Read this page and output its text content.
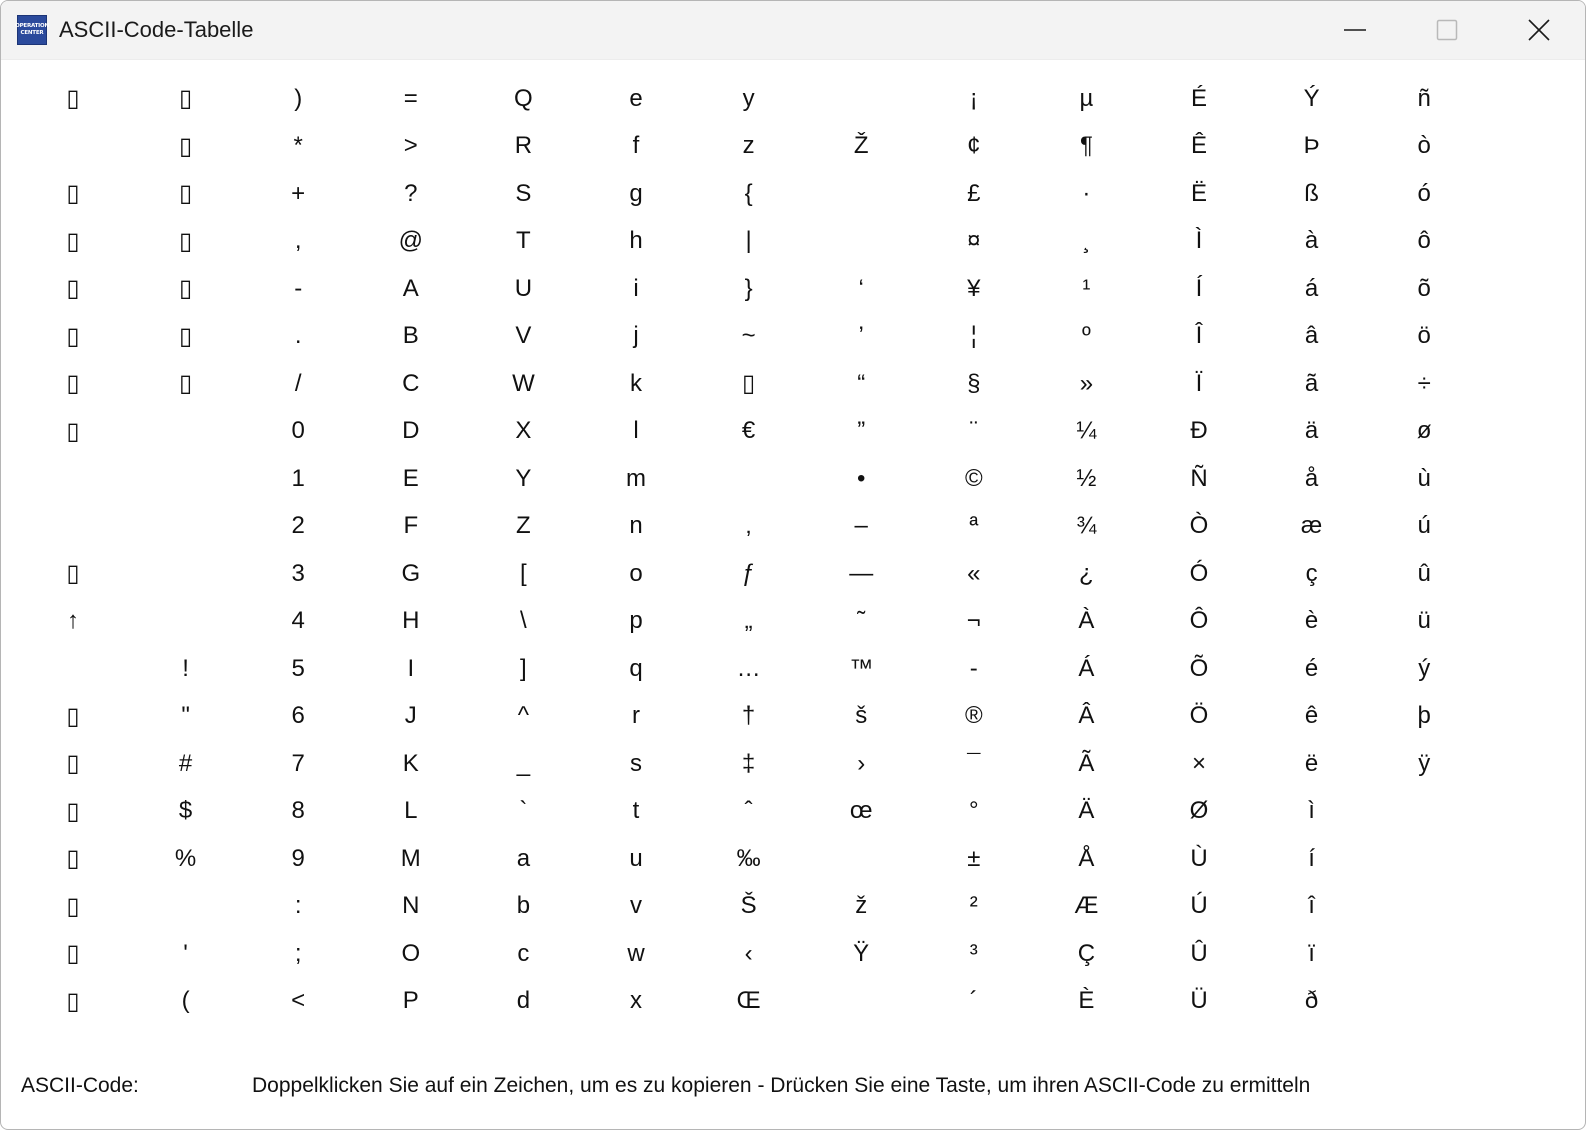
OPERATION
CENTER ASCII-Code-Tabelle
▯
▯
▯
▯
▯
▯
▯
▯
↑
▯
▯
▯
▯
▯
▯
▯
▯
▯
▯
▯
▯
▯
▯
!
"
#
$
%
'
(
)
*
+
,
-
.
/
0
1
2
3
4
5
6
7
8
9
:
;
<
=
>
?
@
A
B
C
D
E
F
G
H
I
J
K
L
M
N
O
P
Q
R
S
T
U
V
W
X
Y
Z
[
\
]
^
_
`
a
b
c
d
e
f
g
h
i
j
k
l
m
n
o
p
q
r
s
t
u
v
w
x
y
z
{
|
}
~
▯
€
‚
ƒ
„
…
†
‡
ˆ
‰
Š
‹
Œ
Ž
‘
’
“
”
•
–
—
˜
™
š
›
œ
ž
Ÿ
¡
¢
£
¤
¥
¦
§
¨
©
ª
«
¬
-
®
¯
°
±
²
³
´
µ
¶
·
¸
¹
º
»
¼
½
¾
¿
À
Á
Â
Ã
Ä
Å
Æ
Ç
È
É
Ê
Ë
Ì
Í
Î
Ï
Ð
Ñ
Ò
Ó
Ô
Õ
Ö
×
Ø
Ù
Ú
Û
Ü
Ý
Þ
ß
à
á
â
ã
ä
å
æ
ç
è
é
ê
ë
ì
í
î
ï
ð
ñ
ò
ó
ô
õ
ö
÷
ø
ù
ú
û
ü
ý
þ
ÿ
ASCII-Code:	Doppelklicken Sie auf ein Zeichen, um es zu kopieren - Drücken Sie eine Taste, um ihren ASCII-Code zu ermitteln
